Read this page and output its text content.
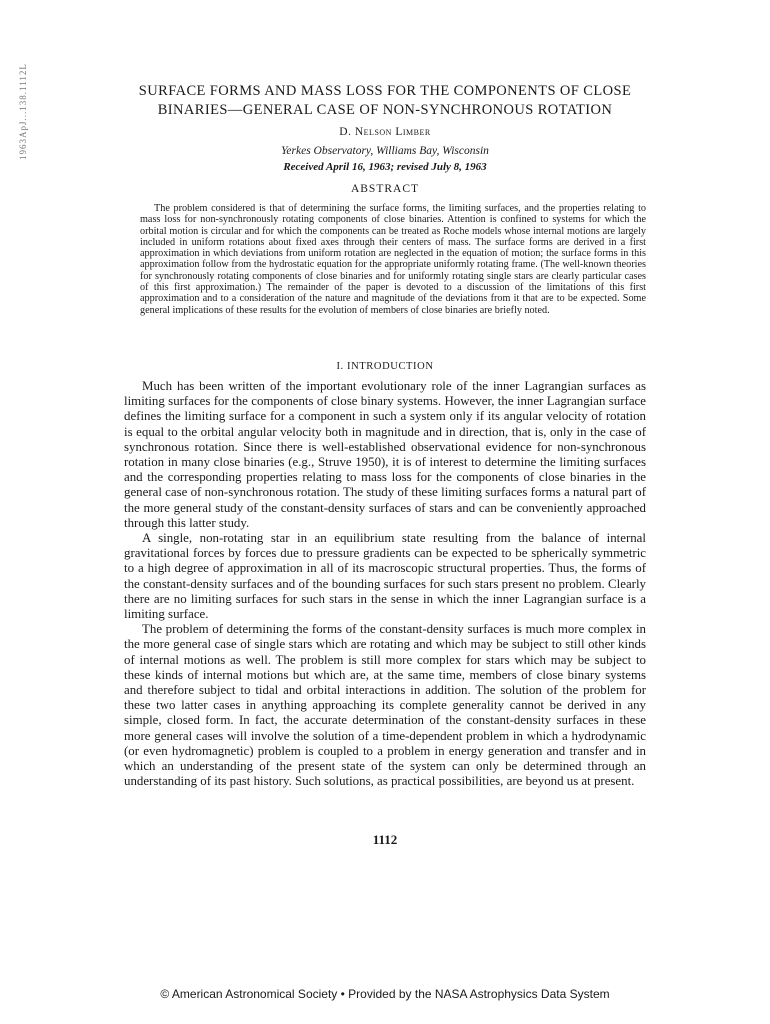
1963ApJ...138.1112L	SURFACE FORMS AND MASS LOSS FOR THE COMPONENTS OF CLOSE
BINARIES—GENERAL CASE OF NON-SYNCHRONOUS ROTATION
D. Nelson Limber
Yerkes Observatory, Williams Bay, Wisconsin
Received April 16, 1963; revised July 8, 1963
ABSTRACT

The problem considered is that of determining the surface forms, the limiting surfaces, and the properties relating to mass loss for non-synchronously rotating components of close binaries. Attention is confined to systems for which the orbital motion is circular and for which the components can be treated as Roche models whose internal motions are largely included in uniform rotations about fixed axes through their centers of mass. The surface forms are derived in a first approximation in which deviations from uniform rotation are neglected in the equation of motion; the surface forms in this approximation follow from the hydrostatic equation for the appropriate uniformly rotating frame. (The well-known theories for synchronously rotating components of close binaries and for uniformly rotating single stars are clearly particular cases of this first approximation.) The remainder of the paper is devoted to a discussion of the limitations of this first approximation and to a consideration of the nature and magnitude of the deviations from it that are to be expected. Some general implications of these results for the evolution of members of close binaries are briefly noted.

I. INTRODUCTION

Much has been written of the important evolutionary role of the inner Lagrangian surfaces as limiting surfaces for the components of close binary systems. However, the inner Lagrangian surface defines the limiting surface for a component in such a system only if its angular velocity of rotation is equal to the orbital angular velocity both in magnitude and in direction, that is, only in the case of synchronous rotation. Since there is well-established observational evidence for non-synchronous rotation in many close binaries (e.g., Struve 1950), it is of interest to determine the limiting surfaces and the corresponding properties relating to mass loss for the components of close binaries in the general case of non-synchronous rotation. The study of these limiting surfaces forms a natural part of the more general study of the constant-density surfaces of stars and can be conveniently approached through this latter study.

A single, non-rotating star in an equilibrium state resulting from the balance of internal gravitational forces by forces due to pressure gradients can be expected to be spherically symmetric to a high degree of approximation in all of its macroscopic structural properties. Thus, the forms of the constant-density surfaces and of the bounding surfaces for such stars present no problem. Clearly there are no limiting surfaces for such stars in the sense in which the inner Lagrangian surface is a limiting surface.

The problem of determining the forms of the constant-density surfaces is much more complex in the more general case of single stars which are rotating and which may be subject to still other kinds of internal motions as well. The problem is still more complex for stars which may be subject to these kinds of internal motions but which are, at the same time, members of close binary systems and therefore subject to tidal and orbital interactions in addition. The solution of the problem for these two latter cases in anything approaching its complete generality cannot be derived in any simple, closed form. In fact, the accurate determination of the constant-density surfaces in these more general cases will involve the solution of a time-dependent problem in which a hydrodynamic (or even hydromagnetic) problem is coupled to a problem in energy generation and transfer and in which an understanding of the present state of the system can only be determined through an understanding of its past history. Such solutions, as practical possibilities, are beyond us at present.

1112
© American Astronomical Society • Provided by the NASA Astrophysics Data System
